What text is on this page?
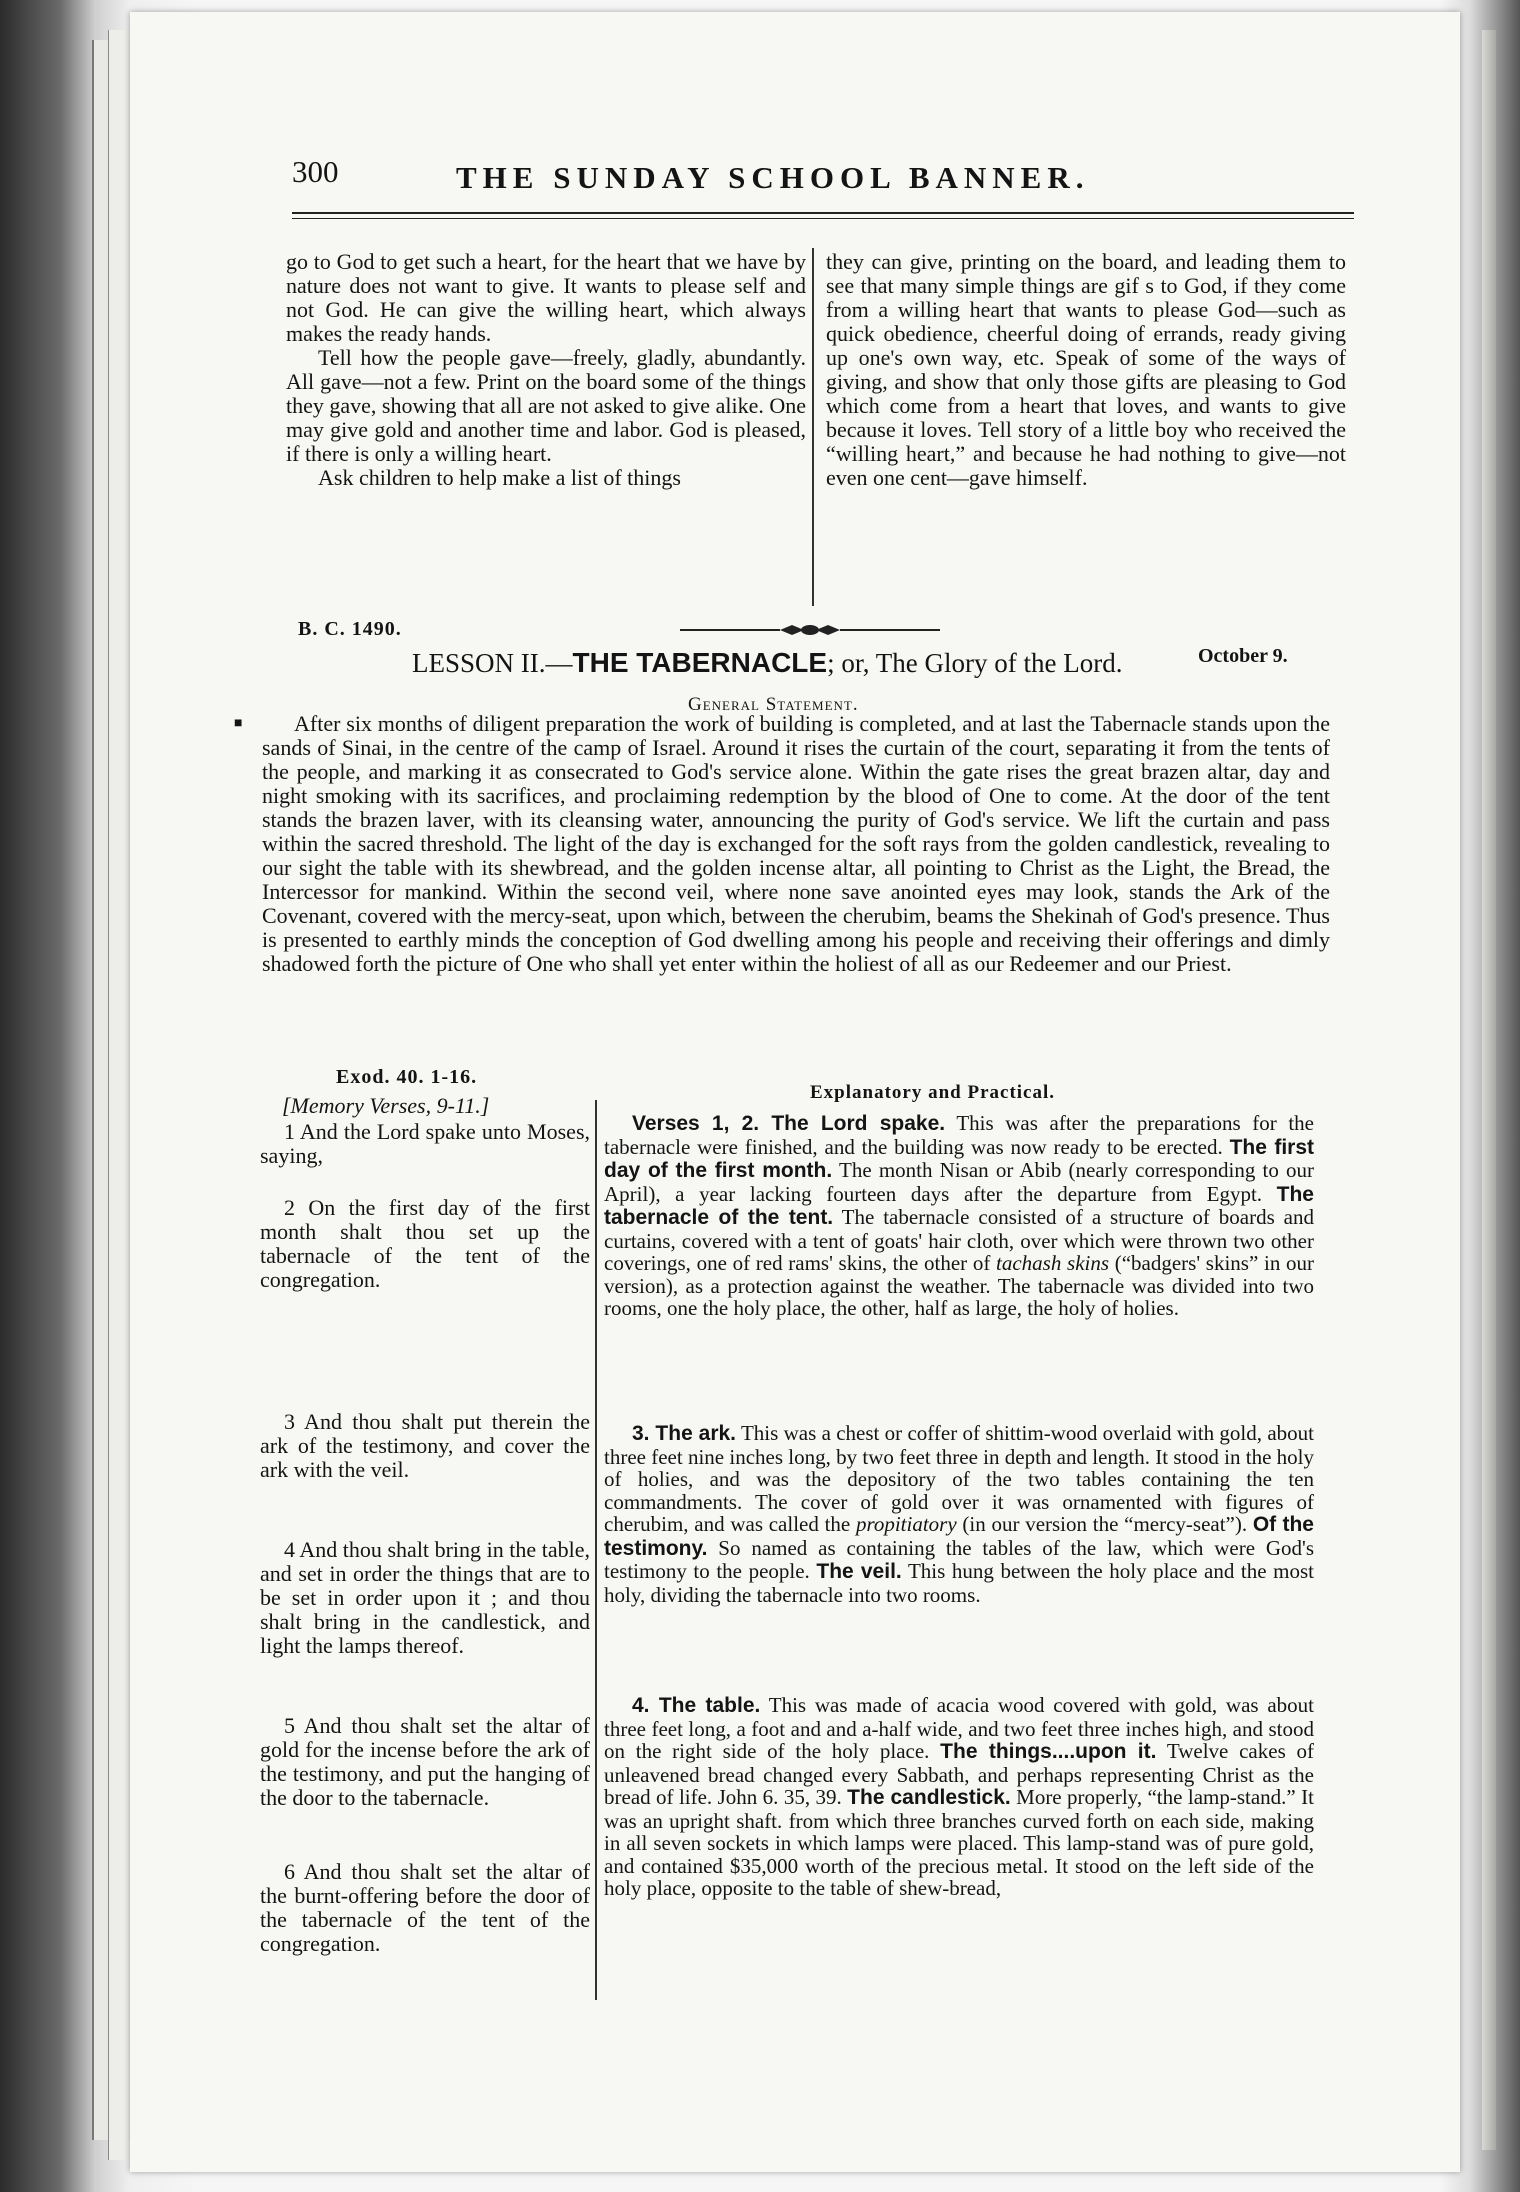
300	THE SUNDAY SCHOOL BANNER.

go to God to get such a heart, for the heart that we have by nature does not want to give. It wants to please self and not God. He can give the willing heart, which always makes the ready hands.

Tell how the people gave—freely, gladly, abundantly. All gave—not a few. Print on the board some of the things they gave, showing that all are not asked to give alike. One may give gold and another time and labor. God is pleased, if there is only a willing heart.

Ask children to help make a list of things

they can give, printing on the board, and leading them to see that many simple things are gif s to God, if they come from a willing heart that wants to please God—such as quick obedience, cheerful doing of errands, ready giving up one's own way, etc. Speak of some of the ways of giving, and show that only those gifts are pleasing to God which come from a heart that loves, and wants to give because it loves. Tell story of a little boy who received the “willing heart,” and because he had nothing to give—not even one cent—gave himself.

B. C. 1490.
October 9.
LESSON II.—THE TABERNACLE; or, The Glory of the Lord.
General Statement.
■	After six months of diligent preparation the work of building is completed, and at last the Tabernacle stands upon the sands of Sinai, in the centre of the camp of Israel. Around it rises the curtain of the court, separating it from the tents of the people, and marking it as consecrated to God's service alone. Within the gate rises the great brazen altar, day and night smoking with its sacrifices, and proclaiming redemption by the blood of One to come. At the door of the tent stands the brazen laver, with its cleansing water, announcing the purity of God's service. We lift the curtain and pass within the sacred threshold. The light of the day is exchanged for the soft rays from the golden candlestick, revealing to our sight the table with its shewbread, and the golden incense altar, all pointing to Christ as the Light, the Bread, the Intercessor for mankind. Within the second veil, where none save anointed eyes may look, stands the Ark of the Covenant, covered with the mercy-seat, upon which, between the cherubim, beams the Shekinah of God's presence. Thus is presented to earthly minds the conception of God dwelling among his people and receiving their offerings and dimly shadowed forth the picture of One who shall yet enter within the holiest of all as our Redeemer and our Priest.

Exod. 40. 1-16.
[Memory Verses, 9-11.]

1 And the Lord spake unto Moses, saying,

2 On the first day of the first month shalt thou set up the tabernacle of the tent of the congregation.

3 And thou shalt put therein the ark of the testimony, and cover the ark with the veil.

4 And thou shalt bring in the table, and set in order the things that are to be set in order upon it ; and thou shalt bring in the candlestick, and light the lamps thereof.

5 And thou shalt set the altar of gold for the incense before the ark of the testimony, and put the hanging of the door to the tabernacle.

6 And thou shalt set the altar of the burnt-offering before the door of the tabernacle of the tent of the congregation.

Explanatory and Practical.

Verses 1, 2. The Lord spake. This was after the preparations for the tabernacle were finished, and the building was now ready to be erected. The first day of the first month. The month Nisan or Abib (nearly corresponding to our April), a year lacking fourteen days after the departure from Egypt. The tabernacle of the tent. The tabernacle consisted of a structure of boards and curtains, covered with a tent of goats' hair cloth, over which were thrown two other coverings, one of red rams' skins, the other of tachash skins (“badgers' skins” in our version), as a protection against the weather. The tabernacle was divided into two rooms, one the holy place, the other, half as large, the holy of holies.

3. The ark. This was a chest or coffer of shittim-wood overlaid with gold, about three feet nine inches long, by two feet three in depth and length. It stood in the holy of holies, and was the depository of the two tables containing the ten commandments. The cover of gold over it was ornamented with figures of cherubim, and was called the propitiatory (in our version the “mercy-seat”). Of the testimony. So named as containing the tables of the law, which were God's testimony to the people. The veil. This hung between the holy place and the most holy, dividing the tabernacle into two rooms.

4. The table. This was made of acacia wood covered with gold, was about three feet long, a foot and and a-half wide, and two feet three inches high, and stood on the right side of the holy place. The things....upon it. Twelve cakes of unleavened bread changed every Sabbath, and perhaps representing Christ as the bread of life. John 6. 35, 39. The candlestick. More properly, “the lamp-stand.” It was an upright shaft. from which three branches curved forth on each side, making in all seven sockets in which lamps were placed. This lamp-stand was of pure gold, and contained $35,000 worth of the precious metal. It stood on the left side of the holy place, opposite to the table of shew-bread,
